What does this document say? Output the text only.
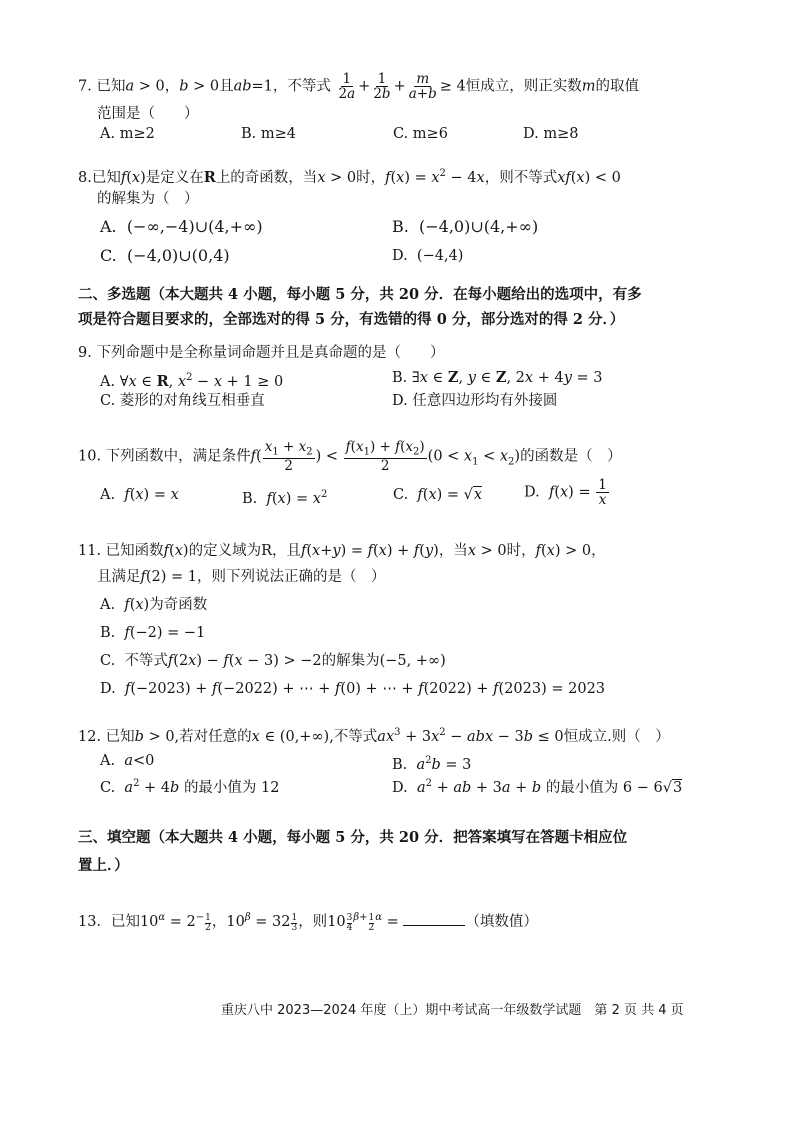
7. 已知a > 0，b > 0且ab=1，不等式 $\frac{1}{2a} + \frac{1}{2b} + \frac{m}{a+b} \ge 4$恒成立，则正实数m的取值
范围是（　　）
A. m≥2	B. m≥4	C. m≥6	D. m≥8
8.已知f(x)是定义在R上的奇函数，当x > 0时，$f(x) = x^2 - 4x$，则不等式xf(x) < 0
的解集为（　）
A.  (−∞,−4)∪(4,+∞)	B.  (−4,0)∪(4,+∞)
C.  (−4,0)∪(0,4)	D.  (−4,4)
二、多选题（本大题共 4 小题，每小题 5 分，共 20 分．在每小题给出的选项中，有多
项是符合题目要求的，全部选对的得 5 分，有选错的得 0 分，部分选对的得 2 分．）
9. 下列命题中是全称量词命题并且是真命题的是（　　）
A. ∀x ∈ R, $x^2 - x + 1 \ge 0$	B. ∃x ∈ Z, y ∈ Z, 2x + 4y = 3
C. 菱形的对角线互相垂直	D. 任意四边形均有外接圆
10. 下列函数中，满足条件$f( \frac{x_1 + x_2}{2}$ ) < $\frac{f(x_1) + f(x_2)}{2} (0 < x_1 < x_2)$的函数是（　）
A. f(x) = x	B. $f(x) = x^2$	C. f(x) = √x	D. $f(x) = \frac{1}{x}$
11. 已知函数f(x)的定义域为R，且f(x+y) = f(x) + f(y)，当x > 0时，f(x) > 0，
且满足f(2) = 1，则下列说法正确的是（　）
A. f(x)为奇函数
B. f(−2) = −1
C. 不等式f(2x) − f(x − 3) > −2的解集为(−5, +∞)
D. f(−2023) + f(−2022) + ⋯ + f(0) + ⋯ + f(2022) + f(2023) = 2023
12. 已知b > 0,若对任意的x ∈ (0,+∞),不等式$ax^3 + 3x^2$ − abx − 3b ≤ 0恒成立.则（　）
A. a<0	B. $a^2b = 3$
C. $a^2 + 4b$ 的最小值为 12	D. $a^2$ + ab + 3a + b 的最小值为 6 − 6√3
三、填空题（本大题共 4 小题，每小题 5 分，共 20 分．把答案填写在答题卡相应位
置上．）
13．已知$10^\alpha = 2^{- \frac{1}{2}}$ ，$10^\beta = 32$ $^{\frac{1}{3}}$ ，则10 $^{\frac{3}{4} \beta+ \frac{1}{2} \alpha}$ =	（填数值）
重庆八中 2023—2024 年度（上）期中考试高一年级数学试题　第 2 页 共 4 页
